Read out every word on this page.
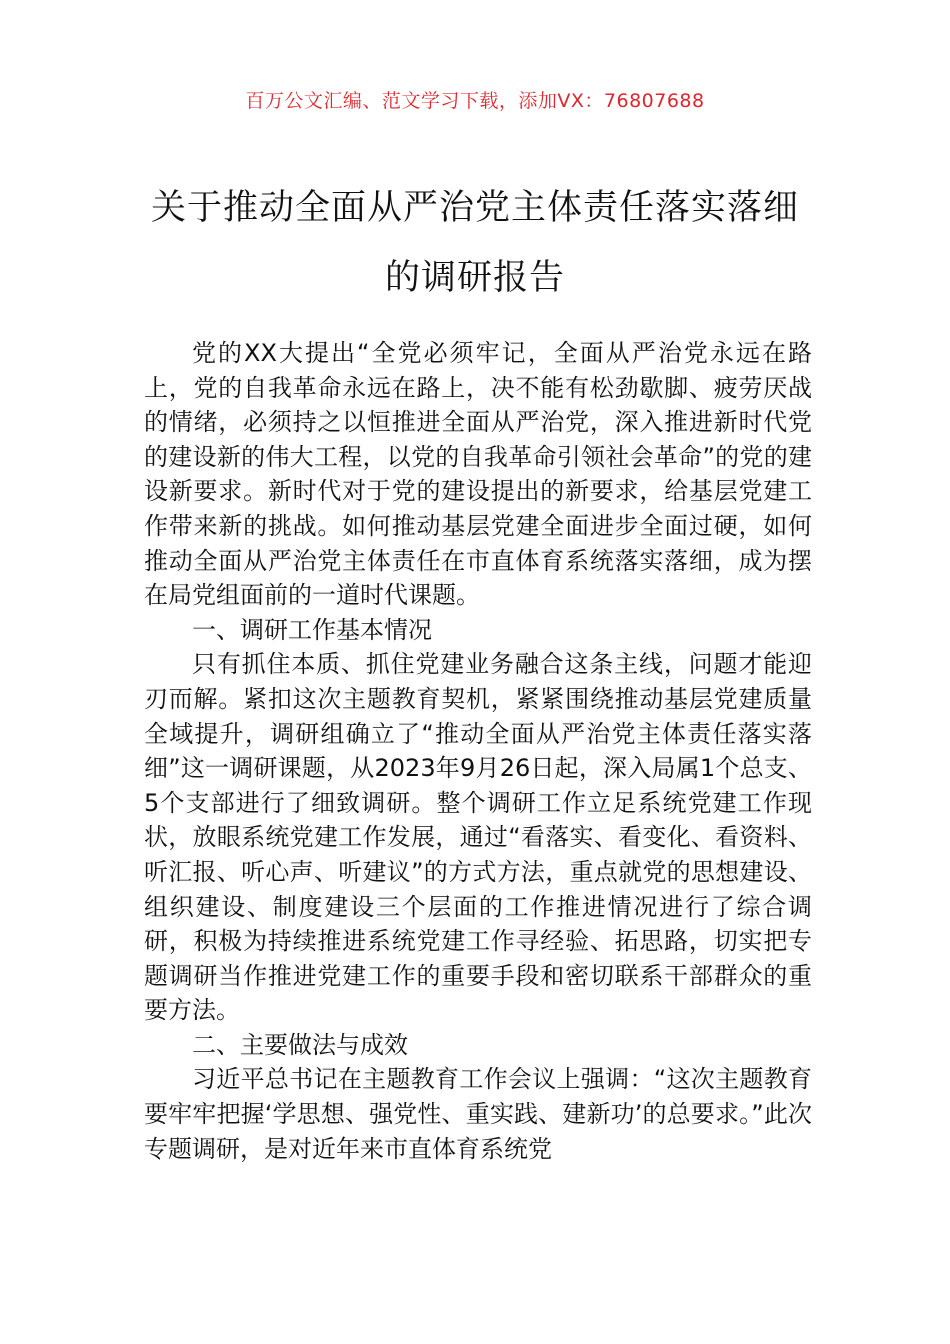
百万公文汇编、范文学习下载，添加VX：76807688
关于推动全面从严治党主体责任落实落细
的调研报告

党的XX大提出“全党必须牢记，全面从严治党永远在路上，党的自我革命永远在路上，决不能有松劲歇脚、疲劳厌战的情绪，必须持之以恒推进全面从严治党，深入推进新时代党的建设新的伟大工程，以党的自我革命引领社会革命”的党的建设新要求。新时代对于党的建设提出的新要求，给基层党建工作带来新的挑战。如何推动基层党建全面进步全面过硬，如何推动全面从严治党主体责任在市直体育系统落实落细，成为摆在局党组面前的一道时代课题。

一、调研工作基本情况

只有抓住本质、抓住党建业务融合这条主线，问题才能迎刃而解。紧扣这次主题教育契机，紧紧围绕推动基层党建质量全域提升，调研组确立了“推动全面从严治党主体责任落实落细”这一调研课题，从2023年9月26日起，深入局属1个总支、5个支部进行了细致调研。整个调研工作立足系统党建工作现状，放眼系统党建工作发展，通过“看落实、看变化、看资料、听汇报、听心声、听建议”的方式方法，重点就党的思想建设、组织建设、制度建设三个层面的工作推进情况进行了综合调研，积极为持续推进系统党建工作寻经验、拓思路，切实把专题调研当作推进党建工作的重要手段和密切联系干部群众的重要方法。

二、主要做法与成效

习近平总书记在主题教育工作会议上强调：“这次主题教育要牢牢把握‘学思想、强党性、重实践、建新功’的总要求。”此次专题调研，是对近年来市直体育系统党
